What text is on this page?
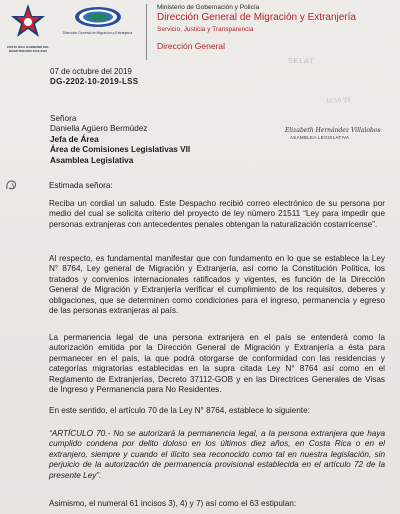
COSTA RICA GOBIERNO DEL BICENTENARIO 2018-2022
Dirección General de Migración y Extranjería
Ministerio de Gobernación y Policía
Dirección General de Migración y Extranjería
Servicio, Justicia y Transparencia
Dirección General
SELAT
10:16 '19
07 de octubre del 2019
DG-2202-10-2019-LSS
Señora
Daniella Agüero Bermúdez
Jefa de Área
Área de Comisiones Legislativas VII
Asamblea Legislativa
Elizabeth Hernández Villalobos
ASAMBLEA LEGISLATIVA
Estimada señora:
Reciba un cordial un saludo. Este Despacho recibió correo electrónico de su persona por medio del cual se solicita criterio del proyecto de ley número 21511 “Ley para impedir que personas extranjeras con antecedentes penales obtengan la naturalización costarricense”.
Al respecto, es fundamental manifestar que con fundamento en lo que se establece la Ley N° 8764, Ley general de Migración y Extranjería, así como la Constitución Política, los tratados y convenios internacionales ratificados y vigentes, es función de la Dirección General de Migración y Extranjería verificar el cumplimiento de los requisitos, deberes y obligaciones, que se determinen como condiciones para el ingreso, permanencia y egreso de las personas extranjeras al país.
La permanencia legal de una persona extranjera en el país se entenderá como la autorización emitida por la Dirección General de Migración y Extranjería a ésta para permanecer en el país, la que podrá otorgarse de conformidad con las residencias y categorías migratorias establecidas en la supra citada Ley N° 8764 así como en el Reglamento de Extranjerías, Decreto 37112-GOB y en las Directrices Generales de Visas de Ingreso y Permanencia para No Residentes.
En este sentido, el artículo 70 de la Ley N° 8764, establece lo siguiente:
“ARTÍCULO 70.- No se autorizará la permanencia legal, a la persona extranjera que haya cumplido condena por delito doloso en los últimos diez años, en Costa Rica o en el extranjero, siempre y cuando el ilícito sea reconocido como tal en nuestra legislación, sin perjuicio de la autorización de permanencia provisional establecida en el artículo 72 de la presente Ley”.
Asimismo, el numeral 61 incisos 3), 4) y 7) así como el 63 estipulan:
